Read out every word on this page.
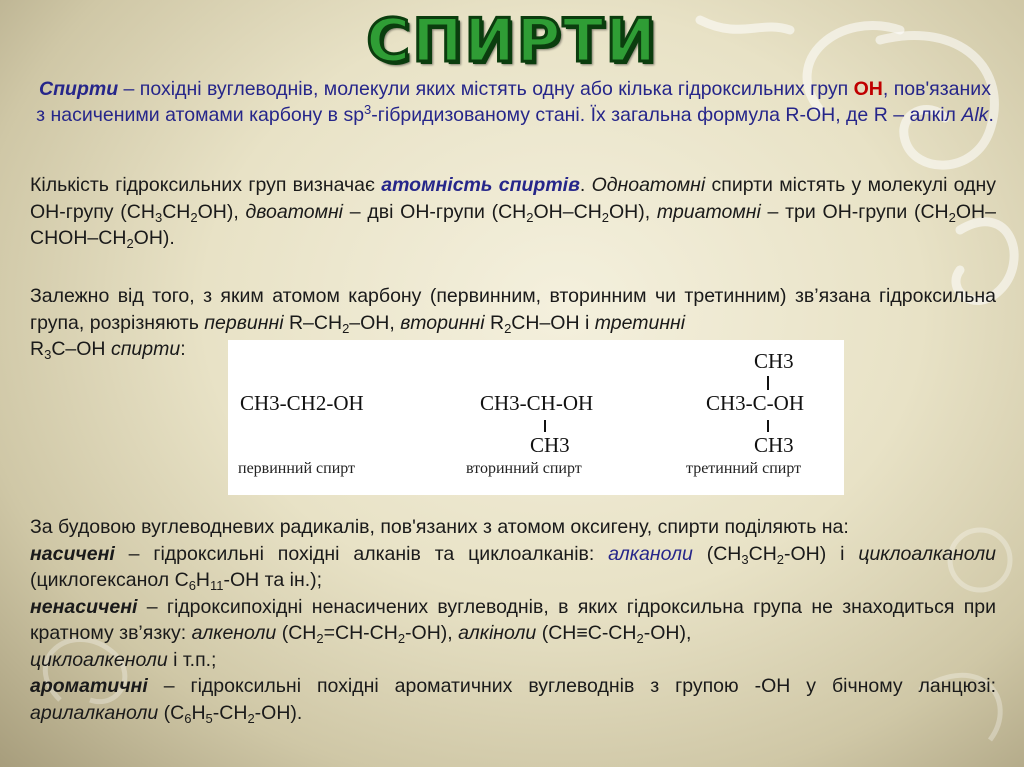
СПИРТИ
Спирти – похідні вуглеводнів, молекули яких містять одну або кілька гідроксильних груп OH, пов'язаних з насиченими атомами карбону в $sp^3$-гібридизованому стані. Їх загальна формула R-OH, де R – алкіл Alk.
Кількість гідроксильних груп визначає атомність спиртів. Одноатомні спирти містять у молекулі одну OH-групу $(CH_3CH_2OH)$, двоатомні – дві OH-групи $(CH_2OH-CH_2OH)$, триатомні – три OH-групи $(CH_2OH-CHOH-CH_2OH)$.
Залежно від того, з яким атомом карбону (первинним, вторинним чи третинним) зв’язана гідроксильна група, розрізняють первинні $R-CH_2-OH$, вторинні $R_2CH-OH$ і третинні
$R_3C-OH$ спирти:
CH3-CH2-OH
первинний спирт
CH3-CH-OH
CH3
вторинний спирт
CH3
CH3-C-OH
CH3
третинний спирт
За будовою вуглеводневих радикалів, пов'язаних з атомом оксигену, спирти поділяють на:
насичені – гідроксильні похідні алканів та циклоалканів: алканоли $(CH_3CH_2-OH)$ і циклоалканоли (циклогексанол $C_6H_{11}-OH$ та ін.);
ненасичені – гідроксипохідні ненасичених вуглеводнів, в яких гідроксильна група не знаходиться при кратному зв’язку: алкеноли $(CH_2=CH-CH_2-OH)$, алкіноли $(CH\equiv C-CH_2-OH)$,
циклоалкеноли і т.п.;
ароматичні – гідроксильні похідні ароматичних вуглеводнів з групою -OH у бічному ланцюзі: арилалканоли $(C_6H_5-CH_2-OH)$.
